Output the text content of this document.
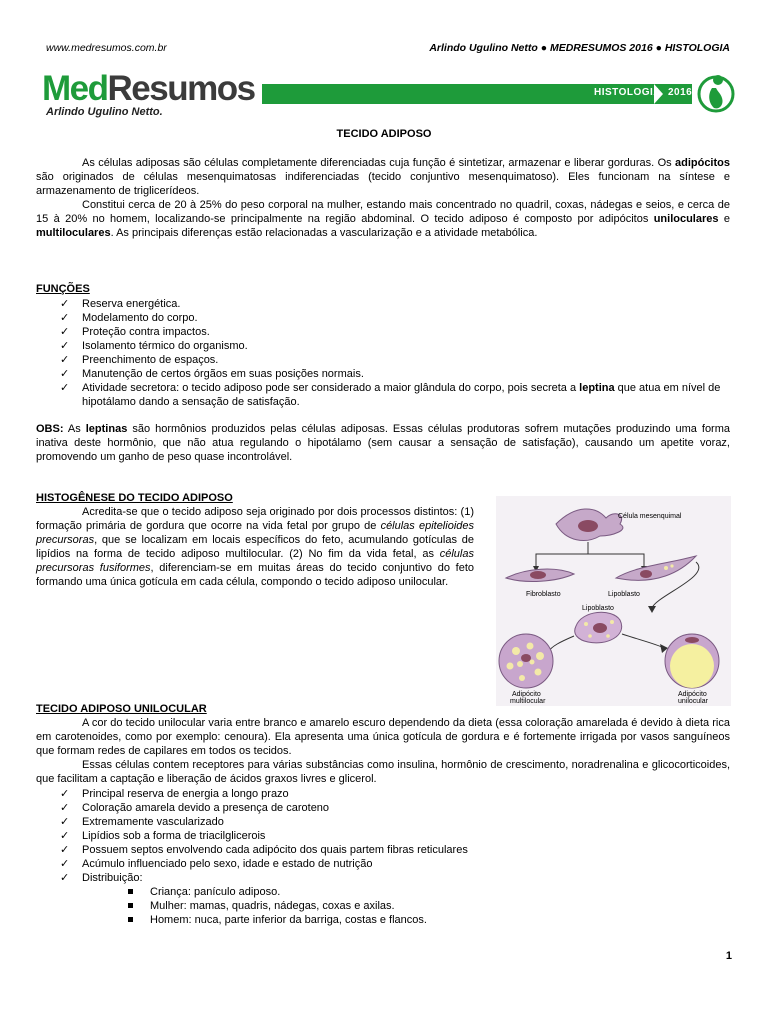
www.medresumos.com.br	Arlindo Ugulino Netto ● MEDRESUMOS 2016 ● HISTOLOGIA
MedResumos
Arlindo Ugulino Netto.
HISTOLOGIA 2016
TECIDO ADIPOSO
As células adiposas são células completamente diferenciadas cuja função é sintetizar, armazenar e liberar gorduras. Os adipócitos são originados de células mesenquimatosas indiferenciadas (tecido conjuntivo mesenquimatoso). Eles funcionam na síntese e armazenamento de triglicerídeos.
Constitui cerca de 20 à 25% do peso corporal na mulher, estando mais concentrado no quadril, coxas, nádegas e seios, e cerca de 15 à 20% no homem, localizando-se principalmente na região abdominal. O tecido adiposo é composto por adipócitos uniloculares e multiloculares. As principais diferenças estão relacionadas a vascularização e a atividade metabólica.
FUNÇÕES
✓ Reserva energética.
✓ Modelamento do corpo.
✓ Proteção contra impactos.
✓ Isolamento térmico do organismo.
✓ Preenchimento de espaços.
✓ Manutenção de certos órgãos em suas posições normais.
✓ Atividade secretora: o tecido adiposo pode ser considerado a maior glândula do corpo, pois secreta a leptina que atua em nível de hipotálamo dando a sensação de satisfação.
OBS: As leptinas são hormônios produzidos pelas células adiposas. Essas células produtoras sofrem mutações produzindo uma forma inativa deste hormônio, que não atua regulando o hipotálamo (sem causar a sensação de satisfação), causando um apetite voraz, promovendo um ganho de peso quase incontrolável.
HISTOGÊNESE DO TECIDO ADIPOSO
Acredita-se que o tecido adiposo seja originado por dois processos distintos: (1) formação primária de gordura que ocorre na vida fetal por grupo de células epitelioides precursoras, que se localizam em locais específicos do feto, acumulando gotículas de lipídios na forma de tecido adiposo multilocular. (2) No fim da vida fetal, as células precursoras fusiformes, diferenciam-se em muitas áreas do tecido conjuntivo do feto formando uma única gotícula em cada célula, compondo o tecido adiposo unilocular.
Célula mesenquimal
Fibroblasto	Lipoblasto
Lipoblasto
Adipócito
multilocular
Adipócito
unilocular
TECIDO ADIPOSO UNILOCULAR
A cor do tecido unilocular varia entre branco e amarelo escuro dependendo da dieta (essa coloração amarelada é devido à dieta rica em carotenoides, como por exemplo: cenoura). Ela apresenta uma única gotícula de gordura e é fortemente irrigada por vasos sanguíneos que formam redes de capilares em todos os tecidos.
Essas células contem receptores para várias substâncias como insulina, hormônio de crescimento, noradrenalina e glicocorticoides, que facilitam a captação e liberação de ácidos graxos livres e glicerol.
✓ Principal reserva de energia a longo prazo
✓ Coloração amarela devido a presença de caroteno
✓ Extremamente vascularizado
✓ Lipídios sob a forma de triacilglicerois
✓ Possuem septos envolvendo cada adipócito dos quais partem fibras reticulares
✓ Acúmulo influenciado pelo sexo, idade e estado de nutrição
✓ Distribuição:
Criança: panículo adiposo.
Mulher: mamas, quadris, nádegas, coxas e axilas.
Homem: nuca, parte inferior da barriga, costas e flancos.
1
